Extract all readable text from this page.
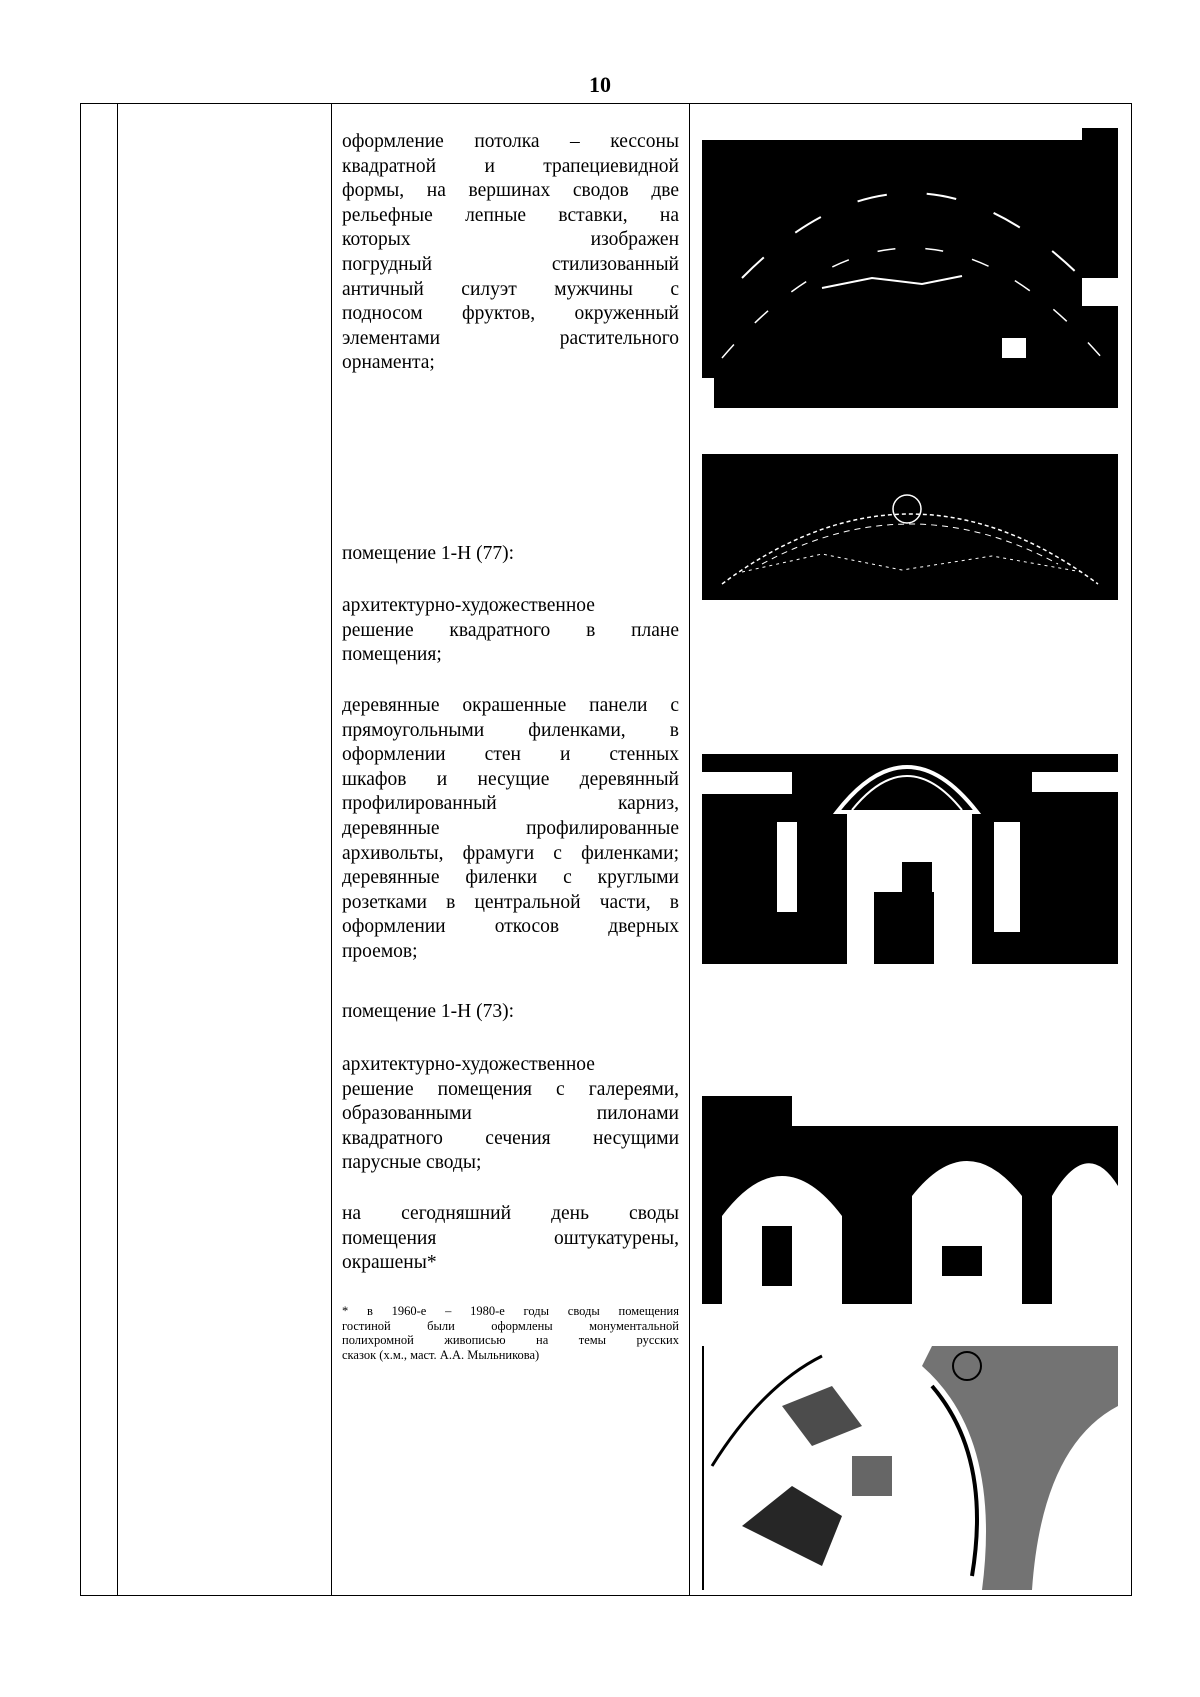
10
оформление потолка – кессоны
квадратной и трапециевидной
формы, на вершинах сводов две
рельефные лепные вставки, на
которых изображен
погрудный стилизованный
античный силуэт мужчины с
подносом фруктов, окруженный
элементами растительного
орнамента;
помещение 1-Н (77):
архитектурно-художественное
решение квадратного в плане
помещения;
деревянные окрашенные панели с
прямоугольными филенками, в
оформлении стен и стенных
шкафов и несущие деревянный
профилированный карниз,
деревянные профилированные
архивольты, фрамуги с филенками;
деревянные филенки с круглыми
розетками в центральной части, в
оформлении откосов дверных
проемов;
помещение 1-Н (73):
архитектурно-художественное
решение помещения с галереями,
образованными пилонами
квадратного сечения несущими
парусные своды;
на сегодняшний день своды
помещения оштукатурены,
окрашены*
* в 1960-е – 1980-е годы своды помещения
гостиной были оформлены монументальной
полихромной живописью на темы русских
сказок (х.м., маст. А.А. Мыльникова)
